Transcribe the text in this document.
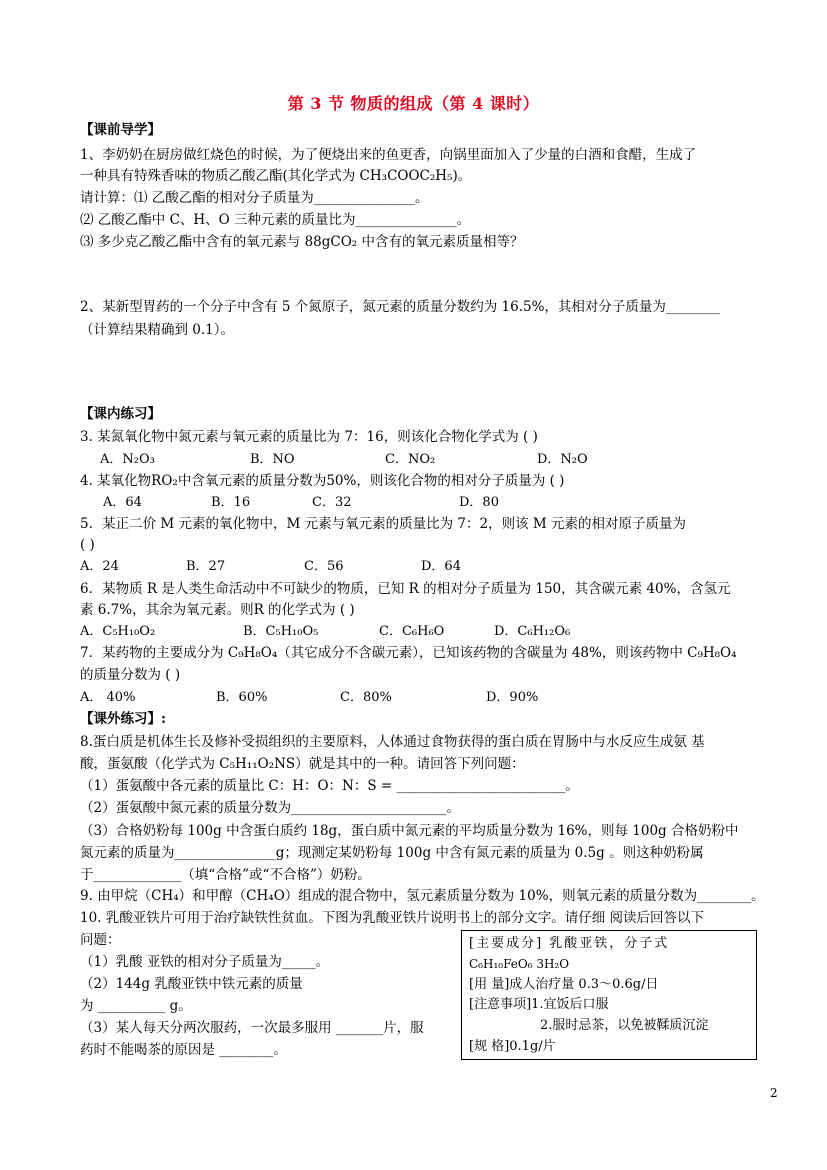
第 3 节 物质的组成（第 4 课时）
【课前导学】
1、李奶奶在厨房做红烧色的时候，为了便烧出来的鱼更香，向锅里面加入了少量的白酒和食醋，生成了
一种具有特殊香味的物质乙酸乙酯(其化学式为 CH₃COOC₂H₅)。
请计算：⑴ 乙酸乙酯的相对分子质量为_______________。
⑵ 乙酸乙酯中 C、H、O 三种元素的质量比为_______________。
⑶ 多少克乙酸乙酯中含有的氧元素与 88gCO₂ 中含有的氧元素质量相等？
2、某新型胃药的一个分子中含有 5 个氮原子，氮元素的质量分数约为 16.5%，其相对分子质量为________
（计算结果精确到 0.1）。
【课内练习】
3. 某氮氧化物中氮元素与氧元素的质量比为 7：16，则该化合物化学式为 ( )
A．N₂O₃	B．NO	C．NO₂	D．N₂O
4. 某氧化物RO₂中含氧元素的质量分数为50%，则该化合物的相对分子质量为 ( )
A．64	B．16	C．32	D．80
5．某正二价 M 元素的氧化物中，M 元素与氧元素的质量比为 7：2，则该 M 元素的相对原子质量为
( )
A．24	B．27	C．56	D．64
6．某物质 R 是人类生命活动中不可缺少的物质，已知 R 的相对分子质量为 150，其含碳元素 40%，含氢元
素 6.7%，其余为氧元素。则R 的化学式为 ( )
A．C₅H₁₀O₂	B．C₅H₁₀O₅	C．C₆H₆O	D．C₆H₁₂O₆
7．某药物的主要成分为 C₉H₈O₄（其它成分不含碳元素），已知该药物的含碳量为 48%，则该药物中 C₉H₈O₄
的质量分数为 ( )
A． 40%	B．60%	C．80%	D．90%
【课外练习】:
8.蛋白质是机体生长及修补受损组织的主要原料，人体通过食物获得的蛋白质在胃肠中与水反应生成氨 基
酸，蛋氨酸（化学式为 C₅H₁₁O₂NS）就是其中的一种。请回答下列问题：
（1）蛋氨酸中各元素的质量比 C：H：O：N：S = _________________________。
（2）蛋氨酸中氮元素的质量分数为_______________________。
（3）合格奶粉每 100g 中含蛋白质约 18g，蛋白质中氮元素的平均质量分数为 16%，则每 100g 合格奶粉中
氮元素的质量为_______________g；现测定某奶粉每 100g 中含有氮元素的质量为 0.5g 。则这种奶粉属
于_____________（填“合格”或“不合格”）奶粉。
9. 由甲烷（CH₄）和甲醇（CH₄O）组成的混合物中，氢元素质量分数为 10%，则氧元素的质量分数为________。
10. 乳酸亚铁片可用于治疗缺铁性贫血。下图为乳酸亚铁片说明书上的部分文字。请仔细 阅读后回答以下
问题：
（1）乳酸 亚铁的相对分子质量为_____。
（2）144g 乳酸亚铁中铁元素的质量
为 __________ g。
（3）某人每天分两次服药，一次最多服用 _______片，服
药时不能喝茶的原因是 ________。
[主要成分] 乳酸亚铁，分子式
C₆H₁₀FeO₆ 3H₂O
[用 量]成人治疗量 0.3～0.6g/日
[注意事项]1.宜饭后口服
2.服时忌茶，以免被鞣质沉淀
[规 格]0.1g/片
2
